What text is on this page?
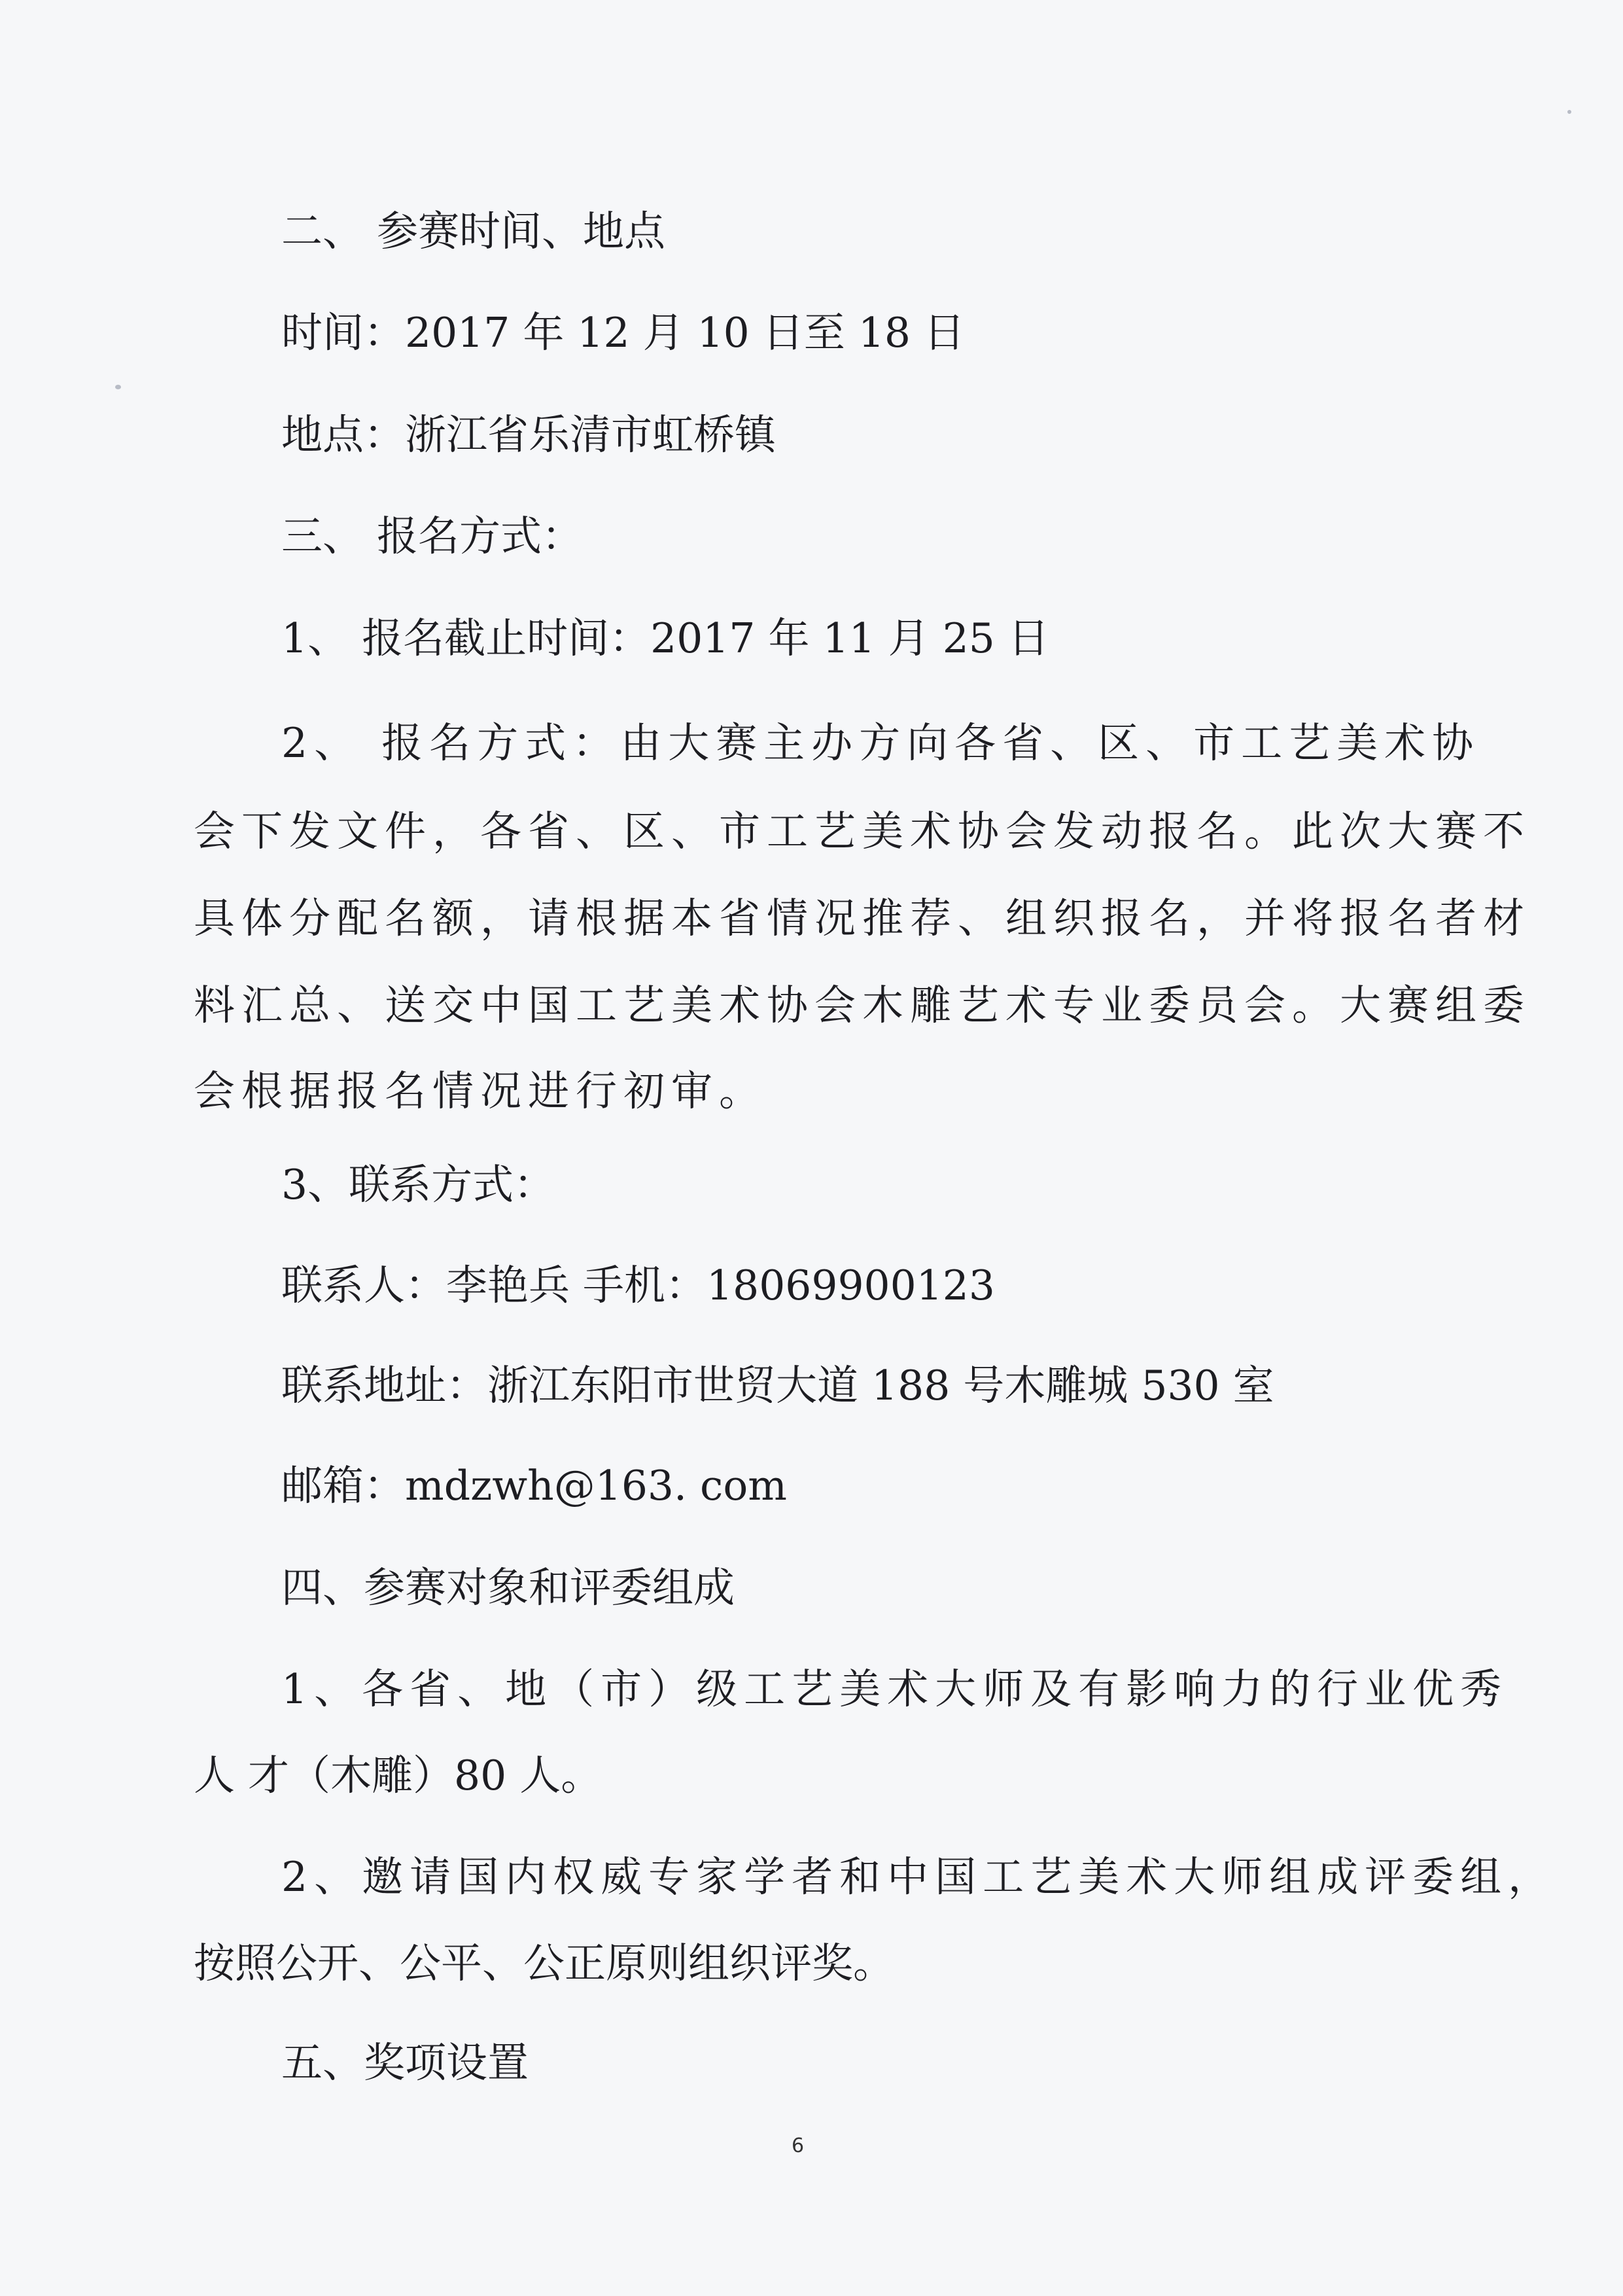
二、 参赛时间、地点
时间：2017 年 12 月 10 日至 18 日
地点：浙江省乐清市虹桥镇
三、 报名方式：
1、 报名截止时间：2017 年 11 月 25 日
2、 报名方式：由大赛主办方向各省、区、市工艺美术协
会下发文件，各省、区、市工艺美术协会发动报名。此次大赛不
具体分配名额，请根据本省情况推荐、组织报名，并将报名者材
料汇总、送交中国工艺美术协会木雕艺术专业委员会。大赛组委
会根据报名情况进行初审。
3、联系方式：
联系人：李艳兵 手机：18069900123
联系地址：浙江东阳市世贸大道 188 号木雕城 530 室
邮箱：mdzwh@163. com
四、参赛对象和评委组成
1、各省、地（市）级工艺美术大师及有影响力的行业优秀
人 才（木雕）80 人。
2、邀请国内权威专家学者和中国工艺美术大师组成评委组，
按照公开、公平、公正原则组织评奖。
五、奖项设置
6
